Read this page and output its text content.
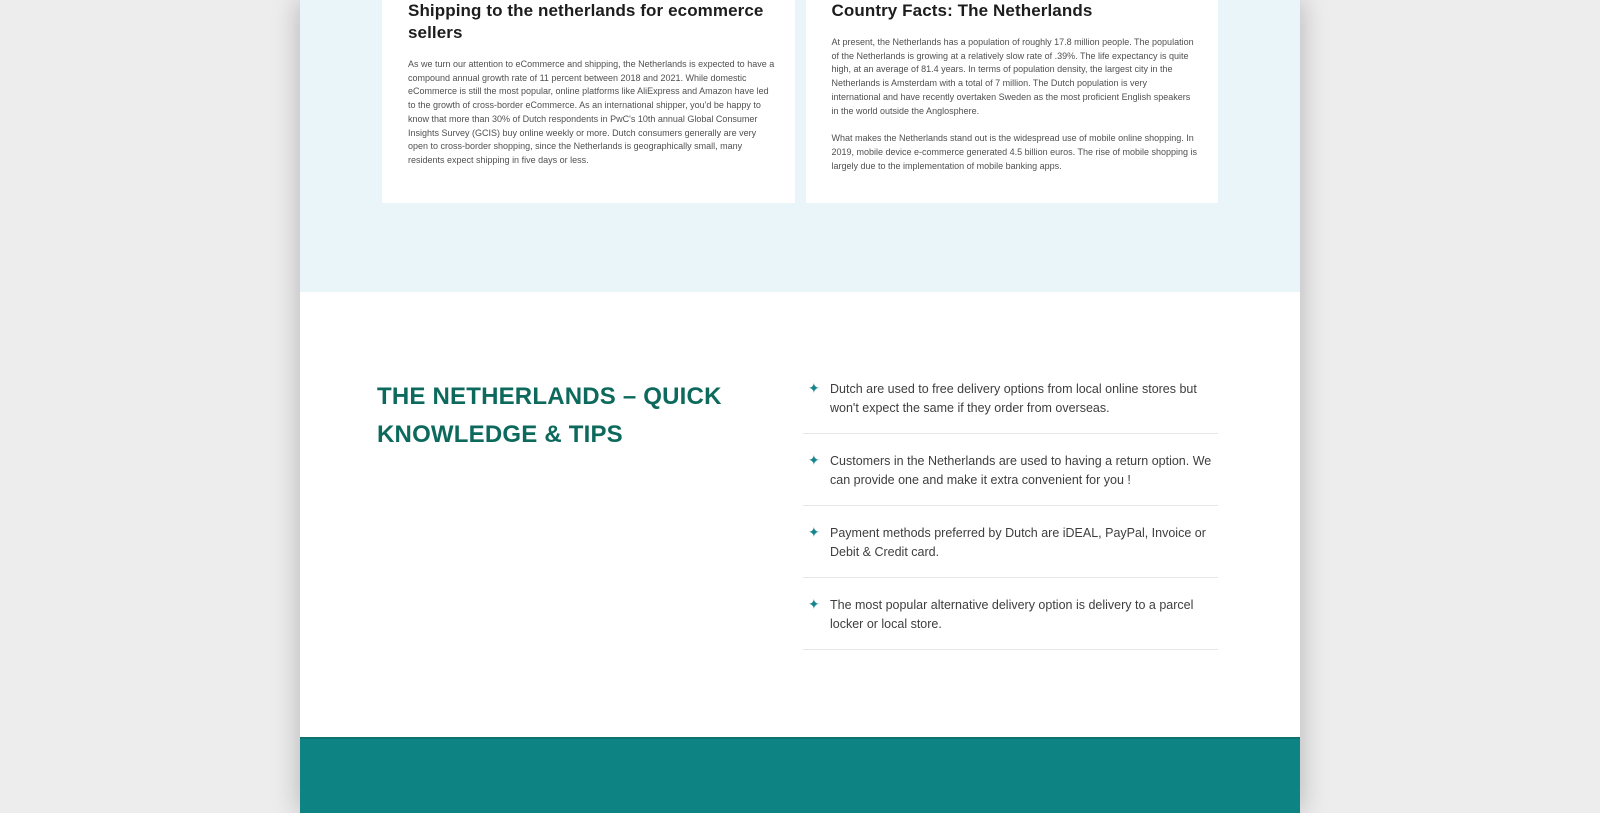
Shipping to the netherlands for ecommerce sellers

As we turn our attention to eCommerce and shipping, the Netherlands is expected to have a compound annual growth rate of 11 percent between 2018 and 2021. While domestic eCommerce is still the most popular, online platforms like AliExpress and Amazon have led to the growth of cross-border eCommerce. As an international shipper, you'd be happy to know that more than 30% of Dutch respondents in PwC's 10th annual Global Consumer Insights Survey (GCIS) buy online weekly or more. Dutch consumers generally are very open to cross-border shopping, since the Netherlands is geographically small, many residents expect shipping in five days or less.

Country Facts: The Netherlands

At present, the Netherlands has a population of roughly 17.8 million people. The population of the Netherlands is growing at a relatively slow rate of .39%. The life expectancy is quite high, at an average of 81.4 years. In terms of population density, the largest city in the Netherlands is Amsterdam with a total of 7 million. The Dutch population is very international and have recently overtaken Sweden as the most proficient English speakers in the world outside the Anglosphere.

What makes the Netherlands stand out is the widespread use of mobile online shopping. In 2019, mobile device e-commerce generated 4.5 billion euros. The rise of mobile shopping is largely due to the implementation of mobile banking apps.

THE NETHERLANDS – QUICK KNOWLEDGE & TIPS
✦ Dutch are used to free delivery options from local online stores but won't expect the same if they order from overseas.
✦ Customers in the Netherlands are used to having a return option. We can provide one and make it extra convenient for you !
✦ Payment methods preferred by Dutch are iDEAL, PayPal, Invoice or Debit & Credit card.
✦ The most popular alternative delivery option is delivery to a parcel locker or local store.
